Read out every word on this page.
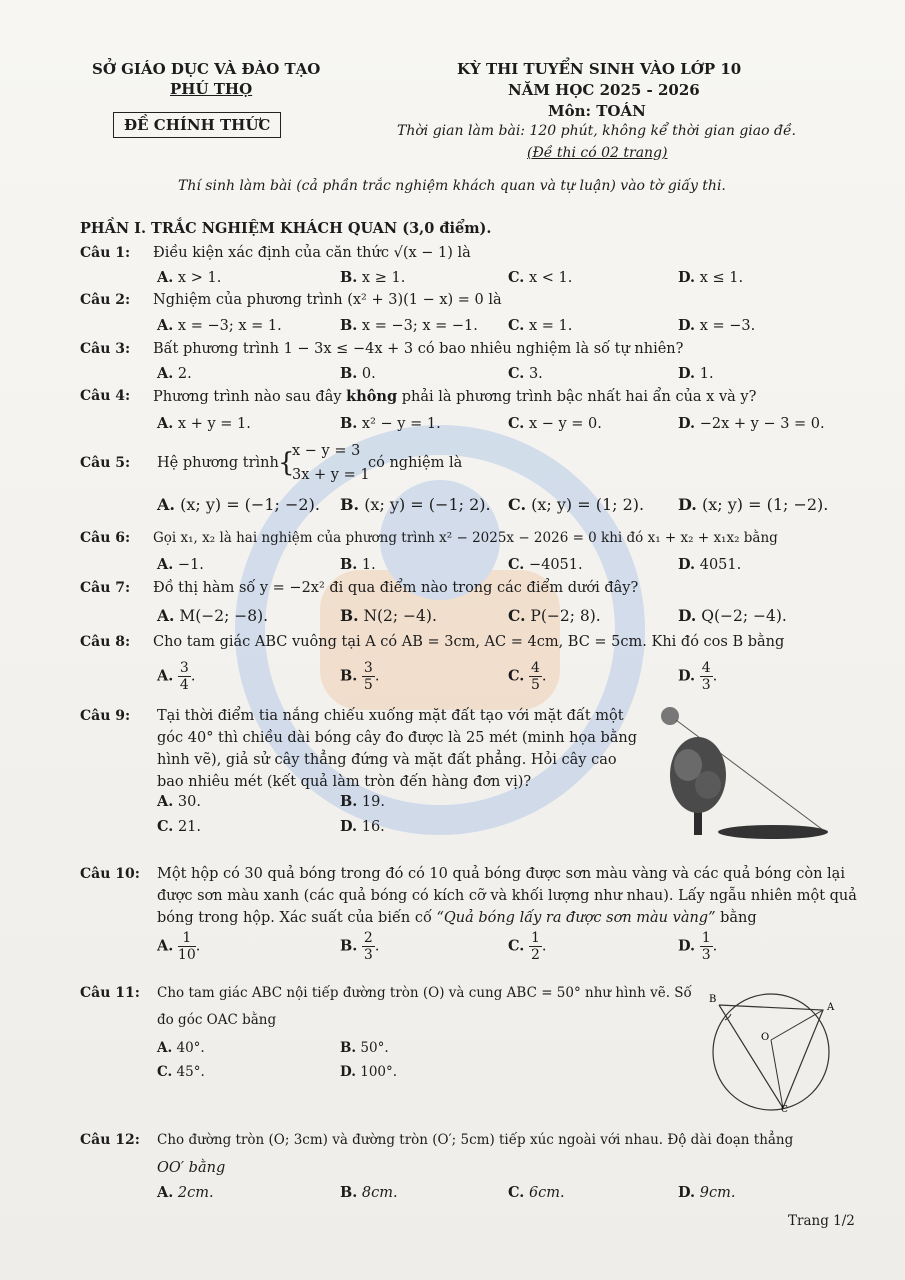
SỞ GIÁO DỤC VÀ ĐÀO TẠO
PHÚ THỌ
ĐỀ CHÍNH THỨC
KỲ THI TUYỂN SINH VÀO LỚP 10
NĂM HỌC 2025 - 2026
Môn: TOÁN
Thời gian làm bài: 120 phút, không kể thời gian giao đề.
(Đề thi có 02 trang)
Thí sinh làm bài (cả phần trắc nghiệm khách quan và tự luận) vào tờ giấy thi.
PHẦN I. TRẮC NGHIỆM KHÁCH QUAN (3,0 điểm).
Câu 1: Điều kiện xác định của căn thức √(x − 1) là
A. x > 1.	B. x ≥ 1.	C. x < 1.	D. x ≤ 1.
Câu 2: Nghiệm của phương trình (x² + 3)(1 − x) = 0 là
A. x = −3; x = 1.	B. x = −3; x = −1. C. x = 1.	D. x = −3.
Câu 3: Bất phương trình 1 − 3x ≤ −4x + 3 có bao nhiêu nghiệm là số tự nhiên?
A. 2.	B. 0.	C. 3.	D. 1.
Câu 4: Phương trình nào sau đây không phải là phương trình bậc nhất hai ẩn của x và y?
A. x + y = 1.	B. x² − y = 1.	C. x − y = 0.	D. −2x + y − 3 = 0.
Câu 5: Hệ phương trình {
x − y = 3
3x + y = 1
có nghiệm là
A. (x; y) = (−1; −2). B. (x; y) = (−1; 2). C. (x; y) = (1; 2). D. (x; y) = (1; −2).
Câu 6: Gọi x₁, x₂ là hai nghiệm của phương trình x² − 2025x − 2026 = 0 khi đó x₁ + x₂ + x₁x₂ bằng
A. −1.	B. 1.	C. −4051.	D. 4051.
Câu 7: Đồ thị hàm số y = −2x² đi qua điểm nào trong các điểm dưới đây?
A. M(−2; −8).	B. N(2; −4).	C. P(−2; 8).	D. Q(−2; −4).
Câu 8: Cho tam giác ABC vuông tại A có AB = 3cm, AC = 4cm, BC = 5cm. Khi đó cos B bằng
A. $\frac{3}{4}$ .	B. $\frac{3}{5}$ .	C. $\frac{4}{5}$ .	D. $\frac{4}{3}$ .
Câu 9: Tại thời điểm tia nắng chiếu xuống mặt đất tạo với mặt đất một góc 40° thì chiều dài bóng cây đo được là 25 mét (minh họa bằng hình vẽ), giả sử cây thẳng đứng và mặt đất phẳng. Hỏi cây cao bao nhiêu mét (kết quả làm tròn đến hàng đơn vị)?
A. 30.	B. 19.
C. 21.	D. 16.
Câu 10: Một hộp có 30 quả bóng trong đó có 10 quả bóng được sơn màu vàng và các quả bóng còn lại được sơn màu xanh (các quả bóng có kích cỡ và khối lượng như nhau). Lấy ngẫu nhiên một quả bóng trong hộp. Xác suất của biến cố “Quả bóng lấy ra được sơn màu vàng” bằng
A. $\frac{1}{10}$ .	B. $\frac{2}{3}$ .	C. $\frac{1}{2}$ .	D. $\frac{1}{3}$ .
Câu 11: Cho tam giác ABC nội tiếp đường tròn (O) và cung ABC = 50° như hình vẽ. Số
đo góc OAC bằng
A. 40°.	B. 50°.
C. 45°.	D. 100°.
B
A
O
C
Câu 12: Cho đường tròn (O; 3cm) và đường tròn (O′; 5cm) tiếp xúc ngoài với nhau. Độ dài đoạn thẳng
OO′ bằng
A. 2cm.	B. 8cm.	C. 6cm.	D. 9cm.
Trang 1/2
